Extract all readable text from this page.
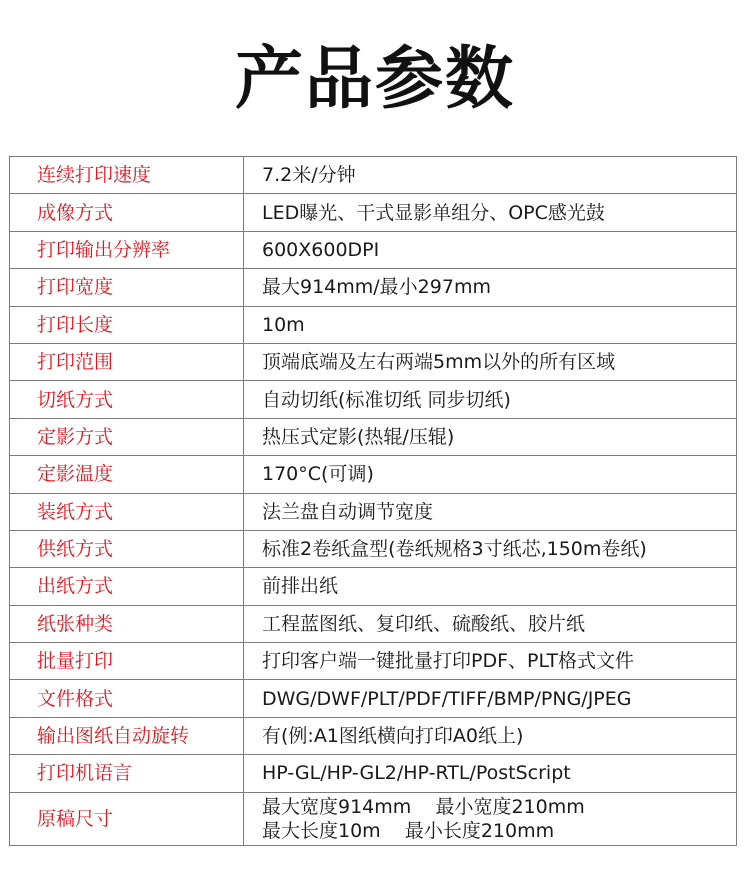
产品参数
连续打印速度	7.2米/分钟
成像方式	LED曝光、干式显影单组分、OPC感光鼓
打印输出分辨率	600X600DPI
打印宽度	最大914mm/最小297mm
打印长度	10m
打印范围	顶端底端及左右两端5mm以外的所有区域
切纸方式	自动切纸(标准切纸 同步切纸)
定影方式	热压式定影(热辊/压辊)
定影温度	170°C(可调)
装纸方式	法兰盘自动调节宽度
供纸方式	标准2卷纸盒型(卷纸规格3寸纸芯,150m卷纸)
出纸方式	前排出纸
纸张种类	工程蓝图纸、复印纸、硫酸纸、胶片纸
批量打印	打印客户端一键批量打印PDF、PLT格式文件
文件格式	DWG/DWF/PLT/PDF/TIFF/BMP/PNG/JPEG
输出图纸自动旋转	有(例:A1图纸横向打印A0纸上)
打印机语言	HP-GL/HP-GL2/HP-RTL/PostScript
原稿尺寸	最大宽度914mm    最小宽度210mm
最大长度10m    最小长度210mm
